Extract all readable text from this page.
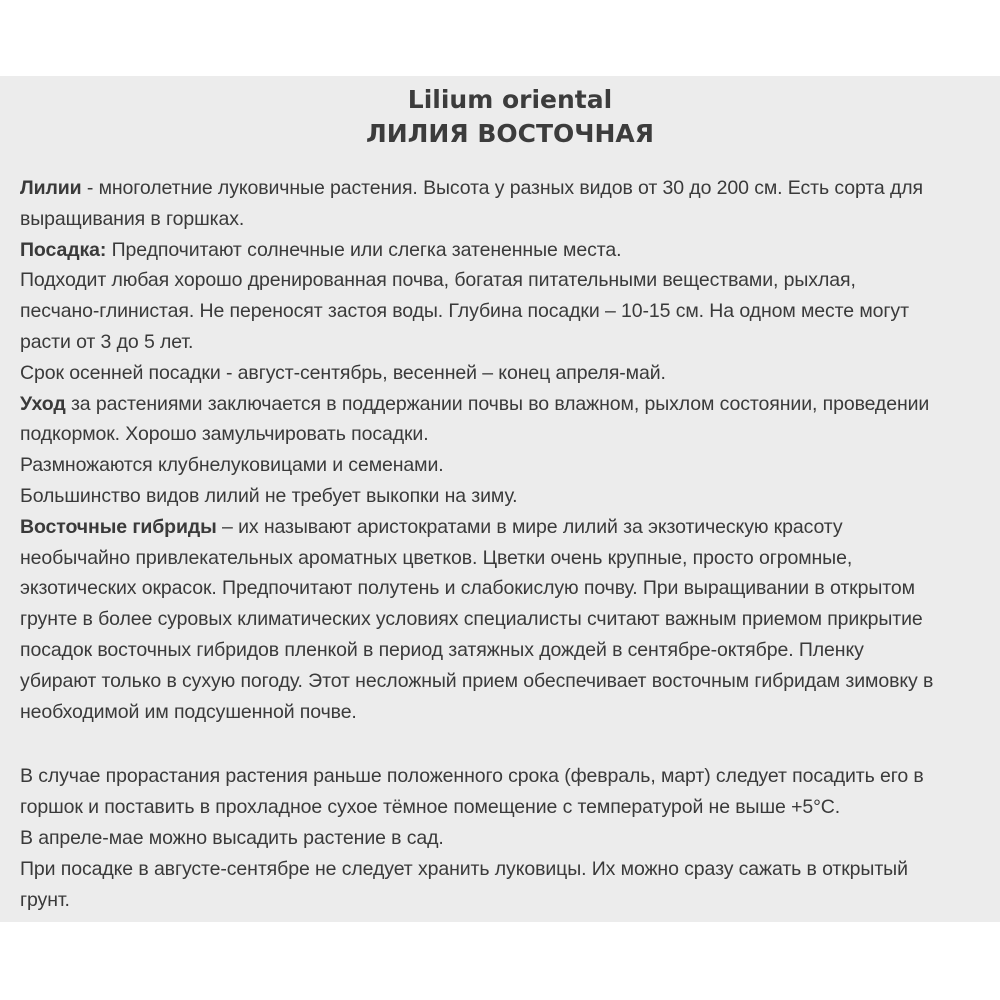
Lilium oriental
ЛИЛИЯ ВОСТОЧНАЯ
Лилии - многолетние луковичные растения. Высота у разных видов от 30 до 200 см. Есть сорта для
выращивания в горшках.
Посадка: Предпочитают солнечные или слегка затененные места.
Подходит любая хорошо дренированная почва, богатая питательными веществами, рыхлая,
песчано-глинистая. Не переносят застоя воды. Глубина посадки – 10-15 см. На одном месте могут
расти от 3 до 5 лет.
Срок осенней посадки - август-сентябрь, весенней – конец апреля-май.
Уход за растениями заключается в поддержании почвы во влажном, рыхлом состоянии, проведении
подкормок. Хорошо замульчировать посадки.
Размножаются клубнелуковицами и семенами.
Большинство видов лилий не требует выкопки на зиму.
Восточные гибриды – их называют аристократами в мире лилий за экзотическую красоту
необычайно привлекательных ароматных цветков. Цветки очень крупные, просто огромные,
экзотических окрасок. Предпочитают полутень и слабокислую почву. При выращивании в открытом
грунте в более суровых климатических условиях специалисты считают важным приемом прикрытие
посадок восточных гибридов пленкой в период затяжных дождей в сентябре-октябре. Пленку
убирают только в сухую погоду. Этот несложный прием обеспечивает восточным гибридам зимовку в
необходимой им подсушенной почве.
В случае прорастания растения раньше положенного срока (февраль, март) следует посадить его в
горшок и поставить в прохладное сухое тёмное помещение с температурой не выше +5°С.
В апреле-мае можно высадить растение в сад.
При посадке в августе-сентябре не следует хранить луковицы. Их можно сразу сажать в открытый
грунт.
